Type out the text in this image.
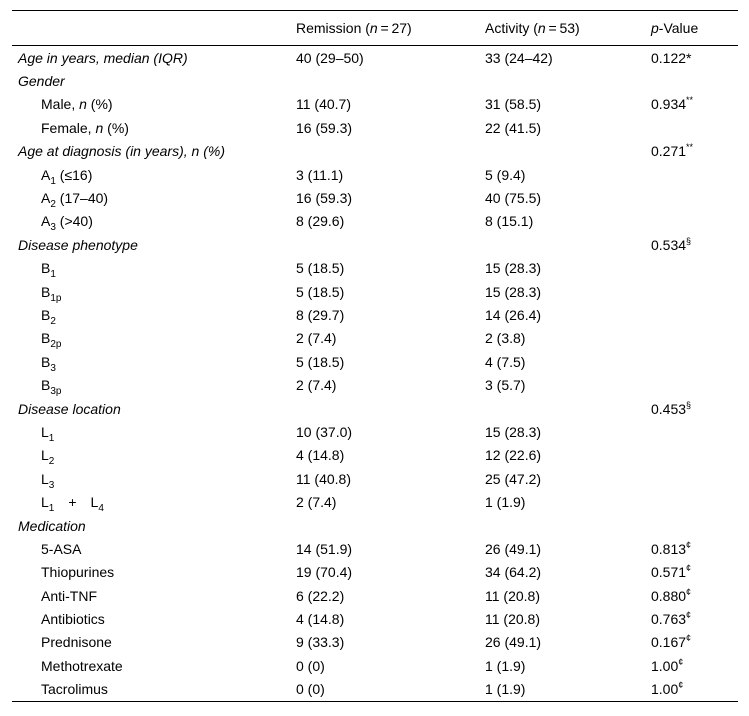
	Remission (n = 27)	Activity (n = 53)	p-Value
Age in years, median (IQR)	40 (29–50)	33 (24–42)	0.122*
Gender			
Male, n (%)	11 (40.7)	31 (58.5)	0.934**
Female, n (%)	16 (59.3)	22 (41.5)	
Age at diagnosis (in years), n (%)			0.271**
$A_1$ (≤16)	3 (11.1)	5 (9.4)	
$A_2$ (17–40)	16 (59.3)	40 (75.5)	
$A_3$ (>40)	8 (29.6)	8 (15.1)	
Disease phenotype			0.534§
$B_1$	5 (18.5)	15 (28.3)	
$B_{1p}$	5 (18.5)	15 (28.3)	
$B_2$	8 (29.7)	14 (26.4)	
$B_{2p}$	2 (7.4)	2 (3.8)	
$B_3$	5 (18.5)	4 (7.5)	
$B_{3p}$	2 (7.4)	3 (5.7)	
Disease location			0.453§
$L_1$	10 (37.0)	15 (28.3)	
$L_2$	4 (14.8)	12 (22.6)	
$L_3$	11 (40.8)	25 (47.2)	
$L_1 + L_4$	2 (7.4)	1 (1.9)	
Medication			
5-ASA	14 (51.9)	26 (49.1)	0.813¢
Thiopurines	19 (70.4)	34 (64.2)	0.571¢
Anti-TNF	6 (22.2)	11 (20.8)	0.880¢
Antibiotics	4 (14.8)	11 (20.8)	0.763¢
Prednisone	9 (33.3)	26 (49.1)	0.167¢
Methotrexate	0 (0)	1 (1.9)	1.00¢
Tacrolimus	0 (0)	1 (1.9)	1.00¢
